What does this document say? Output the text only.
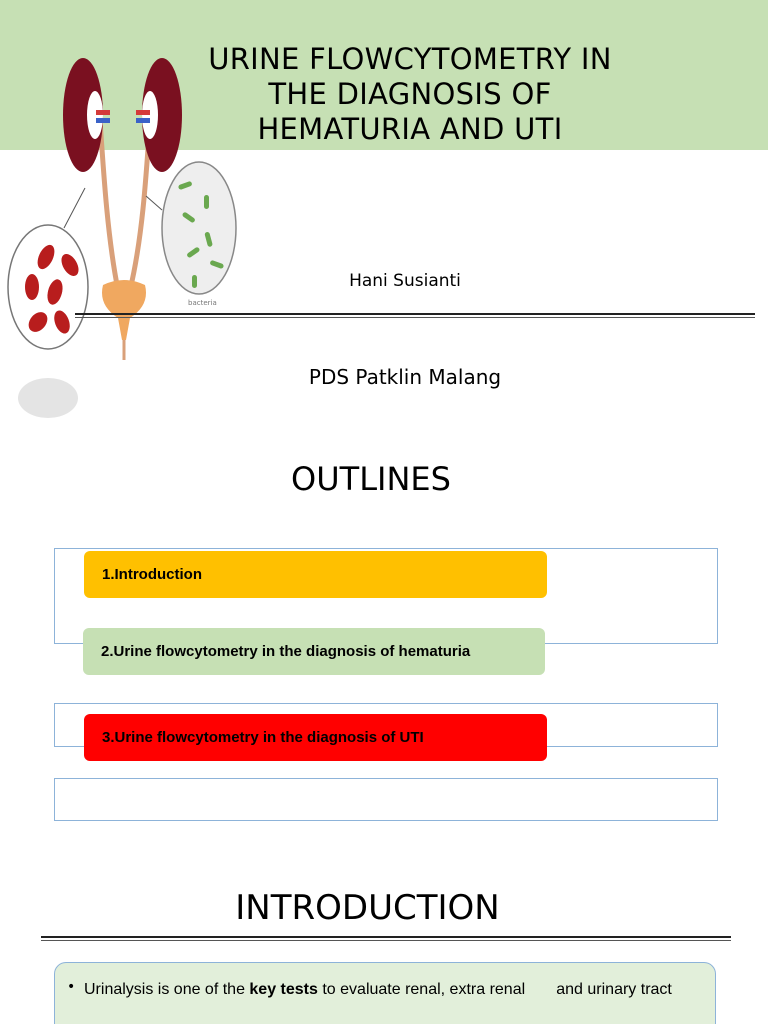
bacteria
URINE FLOWCYTOMETRY IN
THE DIAGNOSIS OF
HEMATURIA AND UTI
Hani Susianti
PDS Patklin Malang
OUTLINES
1.Introduction
2.Urine flowcytometry in the diagnosis of hematuria
3.Urine flowcytometry in the diagnosis of UTI
INTRODUCTION
• Urinalysis is one of the key tests to evaluate renal, extra renal       and urinary tract
